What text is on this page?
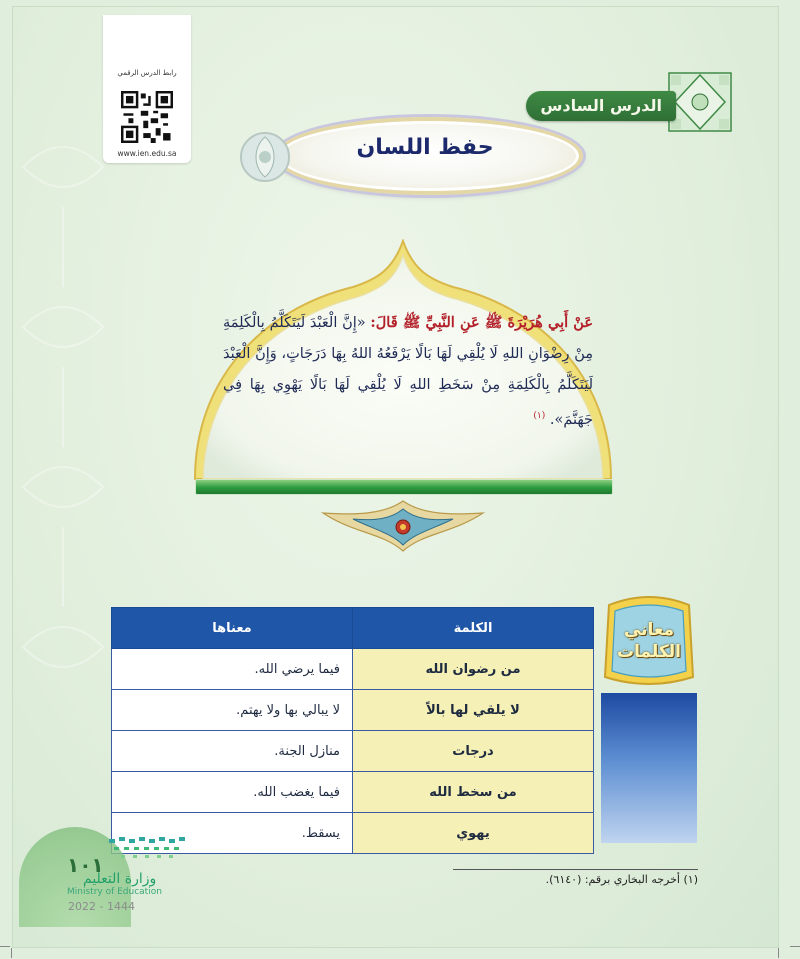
رابط الدرس الرقمي
www.ien.edu.sa
الدرس السادس
حفظ اللسان
عَنْ أَبِي هُرَيْرَةَ ﷺ عَنِ النَّبِيِّ ﷺ قَالَ: «إِنَّ الْعَبْدَ لَيَتَكَلَّمُ بِالْكَلِمَةِ مِنْ رِضْوَانِ اللهِ لَا يُلْقِي لَهَا بَالًا يَرْفَعُهُ اللهُ بِهَا دَرَجَاتٍ، وَإِنَّ الْعَبْدَ لَيَتَكَلَّمُ بِالْكَلِمَةِ مِنْ سَخَطِ اللهِ لَا يُلْقِي لَهَا بَالًا يَهْوِي بِهَا فِي جَهَنَّمَ». $^{(١)}$
معاني الكلمات
الكلمة	معناها
من رضوان الله	فيما يرضي الله.
لا يلقي لها بالاً	لا يبالي بها ولا يهتم.
درجات	منازل الجنة.
من سخط الله	فيما يغضب الله.
يهوي	يسقط.
(١) أخرجه البخاري برقم: (٦١٤٠).
١٠١
وزارة التعليم
Ministry of Education
2022 - 1444
